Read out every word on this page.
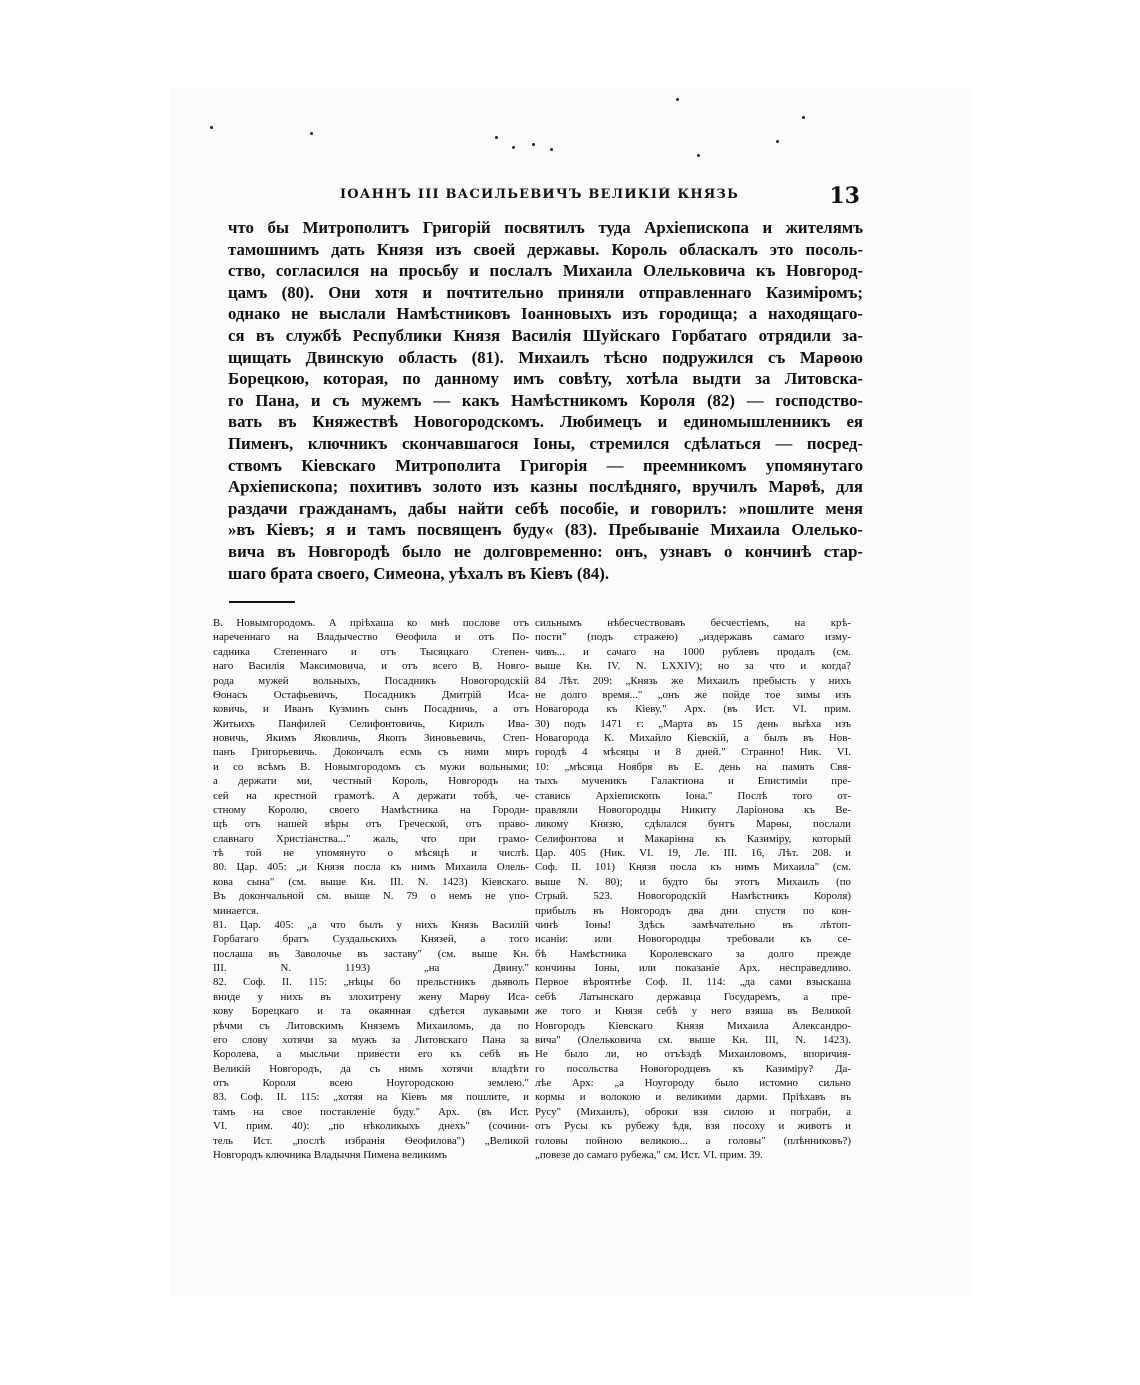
ІОАННЪ III ВАСИЛЬЕВИЧЪ ВЕЛИКІЙ КНЯЗЬ	13
что бы Митрополитъ Григорій посвятилъ туда Архіепископа и жителямъ
тамошнимъ дать Князя изъ своей державы. Король обласкалъ это посоль-
ство, согласился на просьбу и послалъ Михаила Олельковича къ Новгород-
цамъ (80). Они хотя и почтительно приняли отправленнаго Казиміромъ;
однако не выслали Намѣстниковъ Іоанновыхъ изъ городища; а находящаго-
ся въ службѣ Республики Князя Василія Шуйскаго Горбатаго отрядили за-
щищать Двинскую область (81). Михаилъ тѣсно подружился съ Марѳою
Борецкою, которая, по данному имъ совѣту, хотѣла выдти за Литовска-
го Пана, и съ мужемъ — какъ Намѣстникомъ Короля (82) — господство-
вать въ Княжествѣ Новогородскомъ. Любимецъ и единомышленникъ ея
Пименъ, ключникъ скончавшагося Іоны, стремился сдѣлаться — посред-
ствомъ Кіевскаго Митрополита Григорія — преемникомъ упомянутаго
Архіепископа; похитивъ золото изъ казны послѣдняго, вручилъ Марѳѣ, для
раздачи гражданамъ, дабы найти себѣ пособіе, и говорилъ: »пошлите меня
»въ Кіевъ; я и тамъ посвященъ буду« (83). Пребываніе Михаила Олелько-
вича въ Новгородѣ было не долговременно: онъ, узнавъ о кончинѣ стар-
шаго брата своего, Симеона, уѣхалъ въ Кіевъ (84).
В. Новымгородомъ. А пріѣхаша ко мнѣ послове отъ
нареченнаго на Владычество Ѳеофила и отъ По-
садника Степеннаго и отъ Тысяцкаго Степен-
наго Василія Максимовича, и отъ всего В. Новго-
рода мужей вольныхъ, Посадникъ Новогородскій
Ѳонасъ Остафьевичъ, Посадникъ Дмитрій Иса-
ковичь, и Иванъ Кузминъ сынъ Посадничь, а отъ
Житьихъ Панфилей Селифонтовичь, Кирилъ Ива-
новичь, Якимъ Яковличь, Якопъ Зиновьевичь, Степ-
панъ Григорьевичь. Докончалъ есмь съ ними миръ
и со всѣмъ В. Новымгородомъ съ мужи вольными;
а держати ми, честный Король, Новгородъ на
сей на крестной грамотѣ. А держати тобѣ, че-
стному Королю, своего Намѣстника на Городи-
щѣ отъ нашей вѣры отъ Греческой, отъ право-
славнаго Христіанства..." жаль, что при грамо-
тѣ той не упомянуто о мѣсяцѣ и числѣ.
80. Цар. 405: „и Князя посла къ нимъ Михаила Олель-
кова сына" (см. выше Кн. III. N. 1423) Кіевскаго.
Въ докончальной см. выше N. 79 о немъ не упо-
минается.
81. Цар. 405: „а что былъ у нихъ Князь Василій
Горбатаго братъ Суздальскихъ Князей, а того
послаша въ Заволочье въ заставу" (см. выше Кн.
III. N. 1193) „на Двину."
82. Соф. II. 115: „нѣцы бо прельстникъ дьяволъ
вниде у нихъ въ злохитрену жену Марѳу Иса-
кову Борецкаго и та окаянная сдѣется лукавыми
рѣчми съ Литовскимъ Княземъ Михаиломъ, да по
его слову хотячи за мужъ за Литовскаго Пана за
Королева, а мысльчи привести его къ себѣ въ
Великій Новгородъ, да съ нимъ хотячи владѣти
отъ Короля всею Ноугородскою землею."
83. Соф. II. 115: „хотяя на Кіевъ мя пошлите, и
тамъ на свое поставленіе буду." Арх. (въ Ист.
VI. прим. 40): „по нѣколикыхъ днехъ" (сочини-
тель Ист. „послѣ избранія Ѳеофилова") „Великой
Новгородъ ключника Владычня Пимена великимъ
сильнымъ нѣбесчествовавъ бесчестіемъ, на крѣ-
пости" (подъ стражею) „издержавъ самаго изму-
чивъ... и сачаго на 1000 рублевъ продалъ (см.
выше Кн. IV. N. LXXIV); но за что и когда?
84 Лѣт. 209: „Князь же Михаилъ пребысть у нихъ
не долго время..." „онъ же пойде тое зимы изъ
Новагорода къ Кіеву." Арх. (въ Ист. VI. прим.
30) подъ 1471 г: „Марта въ 15 день выѣха изъ
Новагорода К. Михайло Кіевскій, а былъ въ Нов-
городѣ 4 мѣсяцы и 8 дней." Странно! Ник. VI.
10: „мѣсяца Ноября въ Е. день на память Свя-
тыхъ мученикъ Галактиона и Епистиміи пре-
ставись Архіепископъ Іона." Послѣ того от-
правляли Новогородцы Никиту Ларіонова къ Ве-
ликому Князю, сдѣлался бунтъ Марѳы, послали
Селифонтова и Макарінна къ Казиміру, который
Цар. 405 (Ник. VI. 19, Ле. III. 16, Лѣт. 208. и
Соф. II. 101) Князя посла къ нимъ Михаила" (см.
выше N. 80); и будто бы этотъ Михаилъ (по
Стрый. 523. Новогородскій Намѣстникъ Короля)
прибылъ въ Новгородъ два дни спустя по кон-
чинѣ Іоны! Здѣсь замѣчательно въ лѣтоп-
исаніи: или Новогородцы требовали къ се-
бѣ Намѣстника Королевскаго за долго прежде
кончины Іоны, или показаніе Арх. несправедливо.
Первое вѣроятнѣе Соф. II. 114: „да сами взыскаша
себѣ Латынскаго державца Государемъ, а пре-
же того и Князя себѣ у него взяша въ Великой
Новгородъ Кіевскаго Князя Михаила Александро-
вича" (Олельковича см. выше Кн. III, N. 1423).
Не было ли, но отъѣздѣ Михаиловомъ, впоричия-
го посольства Новогородцевъ къ Казиміру? Да-
лѣе Арх: „а Ноугороду было истомно сильно
кормы и волокою и великими дарми. Пріѣхавъ въ
Русу" (Михаилъ), оброки взя силою и пограби, а
отъ Русы къ рубежу ѣдя, взя посоху и животъ и
головы пойною великою... а головы" (плѣнниковъ?)
„повезе до самаго рубежа," см. Ист. VI. прим. 39.
